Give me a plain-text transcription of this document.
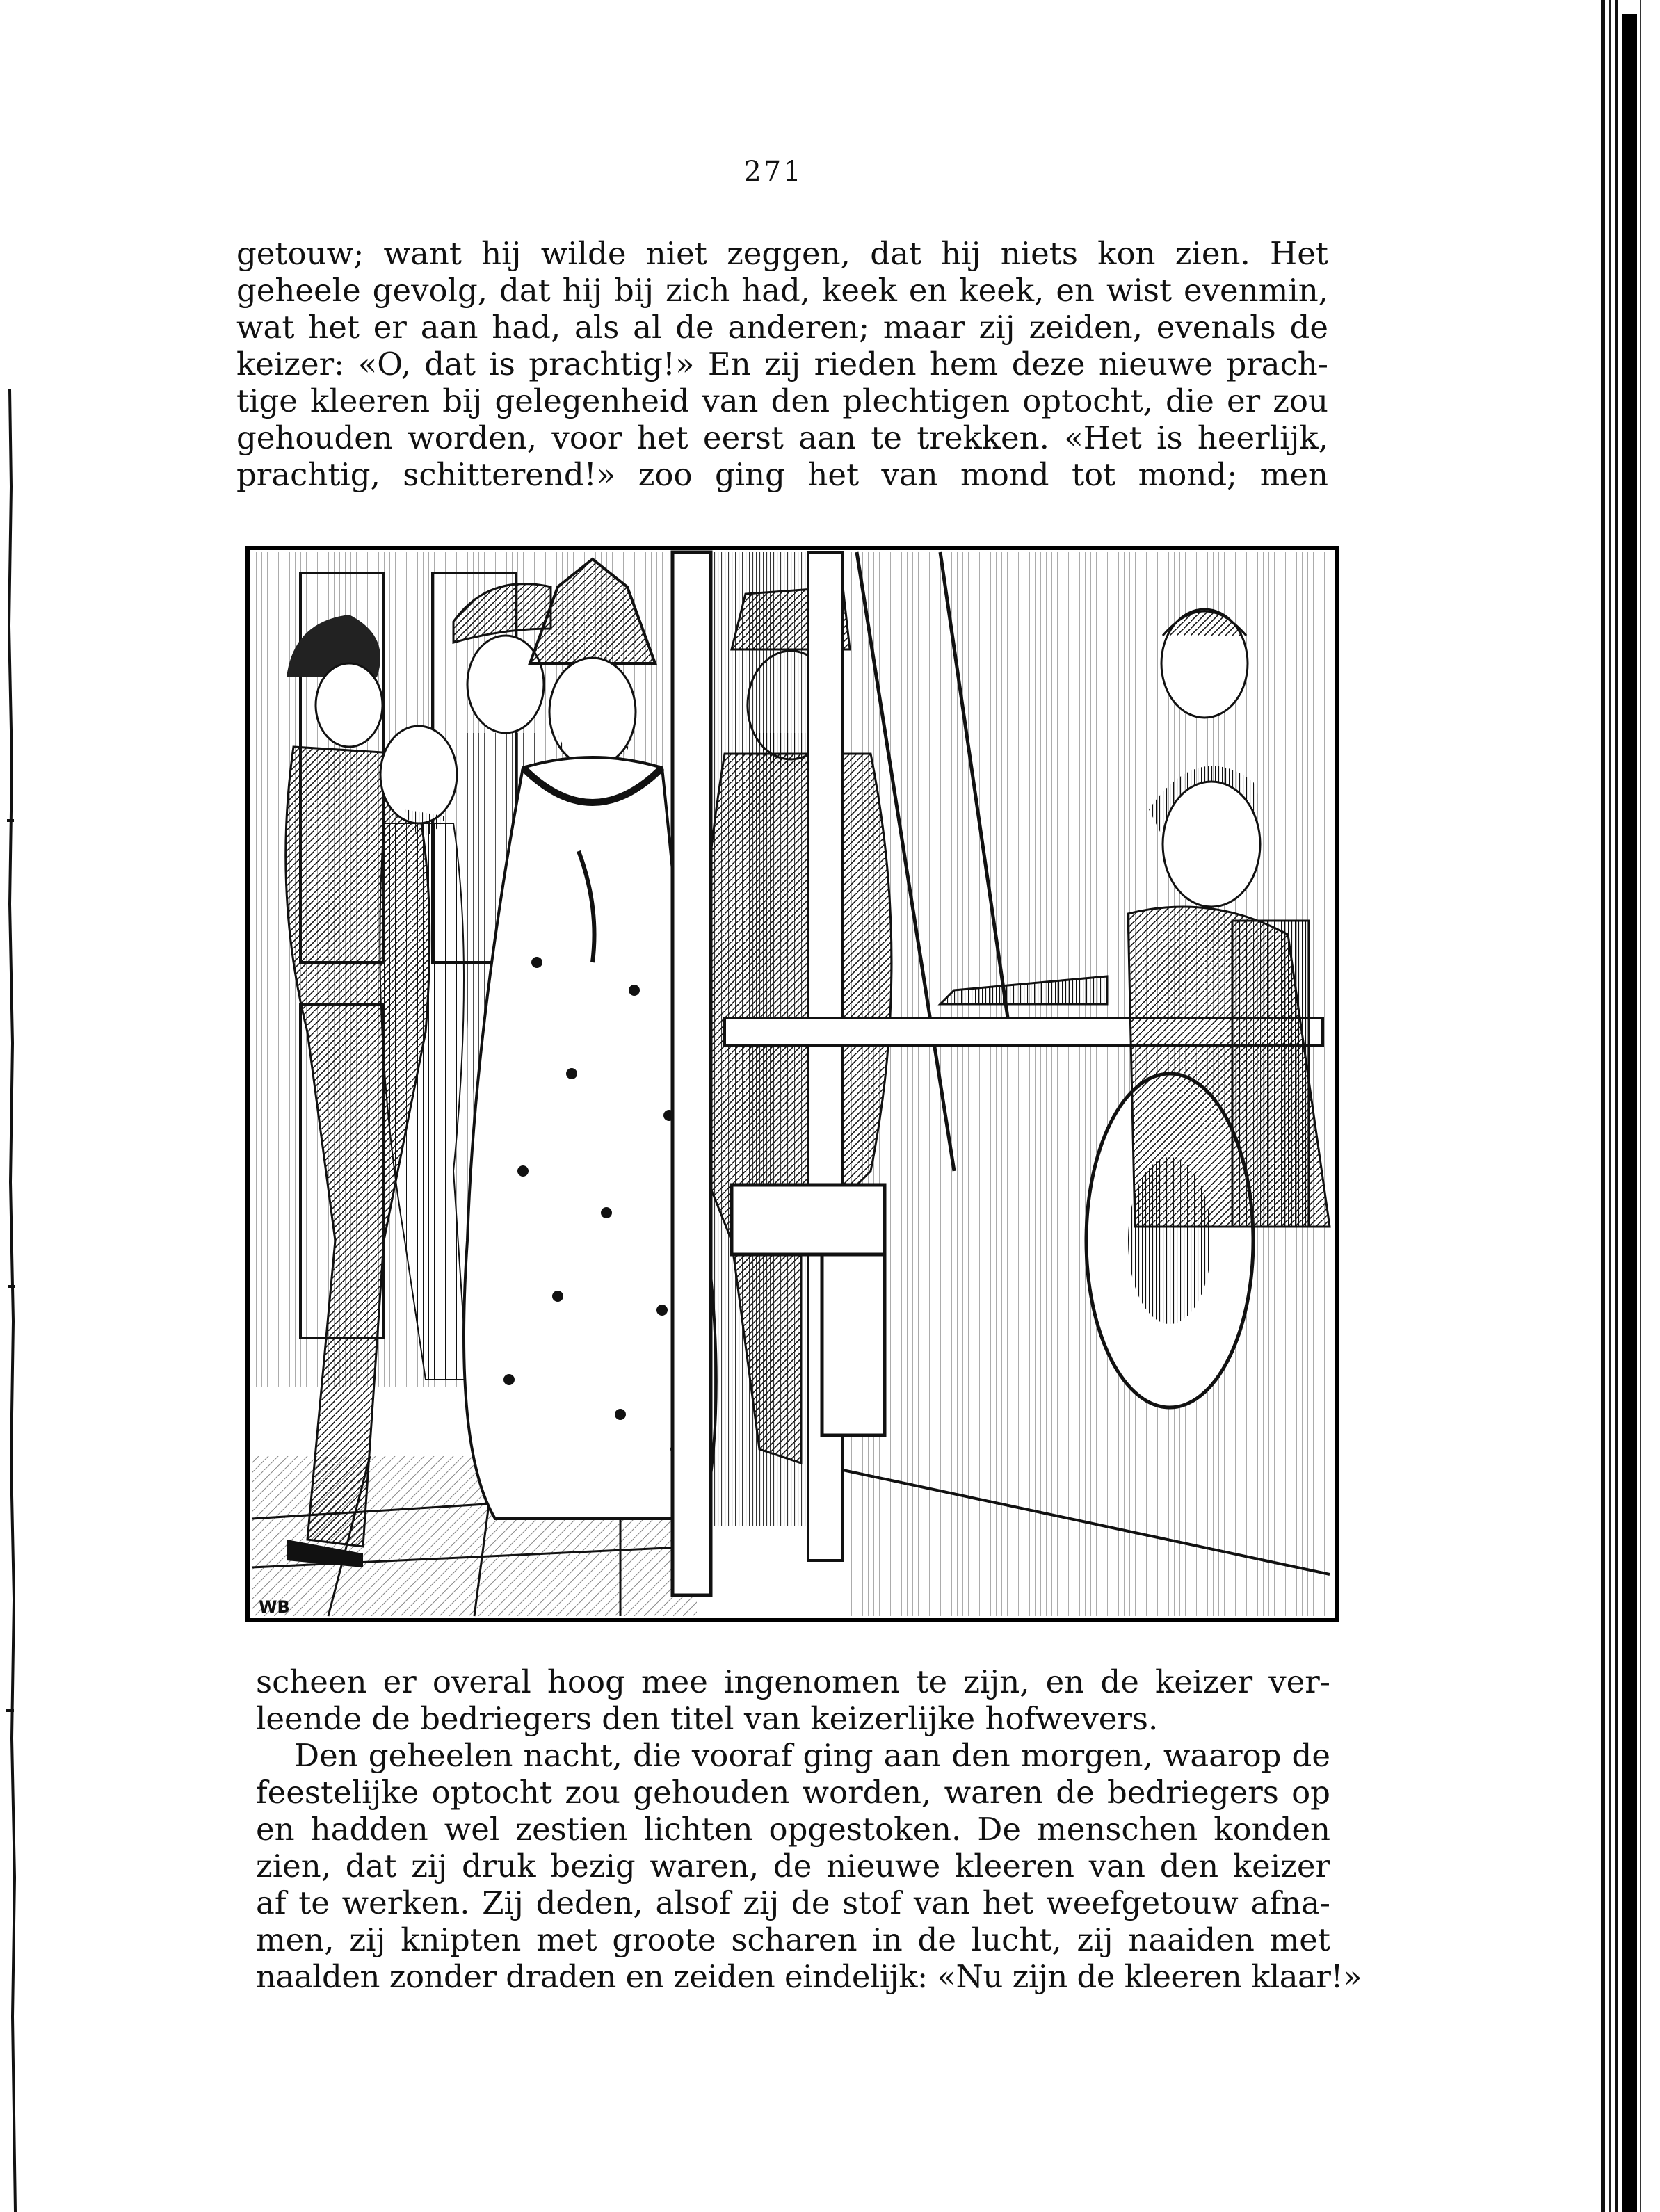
271
getouw; want hij wilde niet zeggen, dat hij niets kon zien. Het
geheele gevolg, dat hij bij zich had, keek en keek, en wist evenmin,
wat het er aan had, als al de anderen; maar zij zeiden, evenals de
keizer: «O, dat is prachtig!» En zij rieden hem deze nieuwe prach-
tige kleeren bij gelegenheid van den plechtigen optocht, die er zou
gehouden worden, voor het eerst aan te trekken. «Het is heerlijk,
prachtig, schitterend!» zoo ging het van mond tot mond; men
WB
scheen er overal hoog mee ingenomen te zijn, en de keizer ver-
leende de bedriegers den titel van keizerlijke hofwevers.
Den geheelen nacht, die vooraf ging aan den morgen, waarop de
feestelijke optocht zou gehouden worden, waren de bedriegers op
en hadden wel zestien lichten opgestoken. De menschen konden
zien, dat zij druk bezig waren, de nieuwe kleeren van den keizer
af te werken. Zij deden, alsof zij de stof van het weefgetouw afna-
men, zij knipten met groote scharen in de lucht, zij naaiden met
naalden zonder draden en zeiden eindelijk: «Nu zijn de kleeren klaar!»
